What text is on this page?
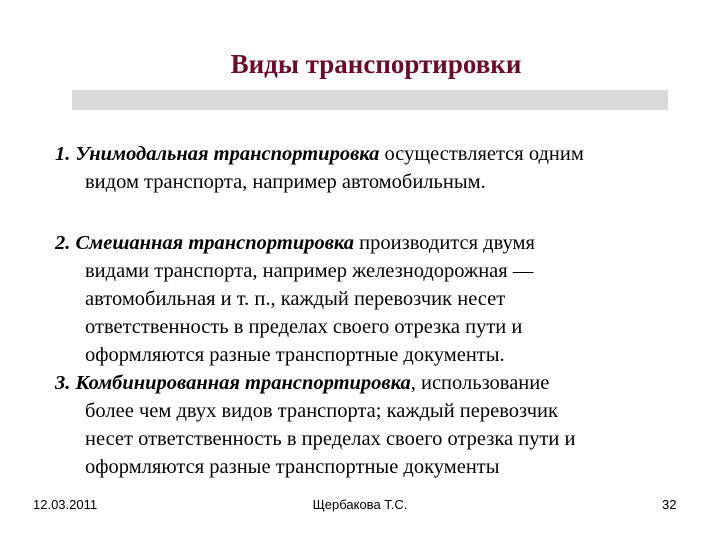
Виды транспортировки
1. Унимодальная транспортировка осуществляется одним
видом транспорта, например автомобильным.
2. Смешанная транспортировка производится двумя
видами транспорта, например железнодорожная —
автомобильная и т. п., каждый перевозчик несет
ответственность в пределах своего отрезка пути и
оформляются разные транспортные документы.
3. Комбинированная транспортировка, использование
более чем двух видов транспорта; каждый перевозчик
несет ответственность в пределах своего отрезка пути и
оформляются разные транспортные документы
12.03.2011	Щербакова Т.С.	32
